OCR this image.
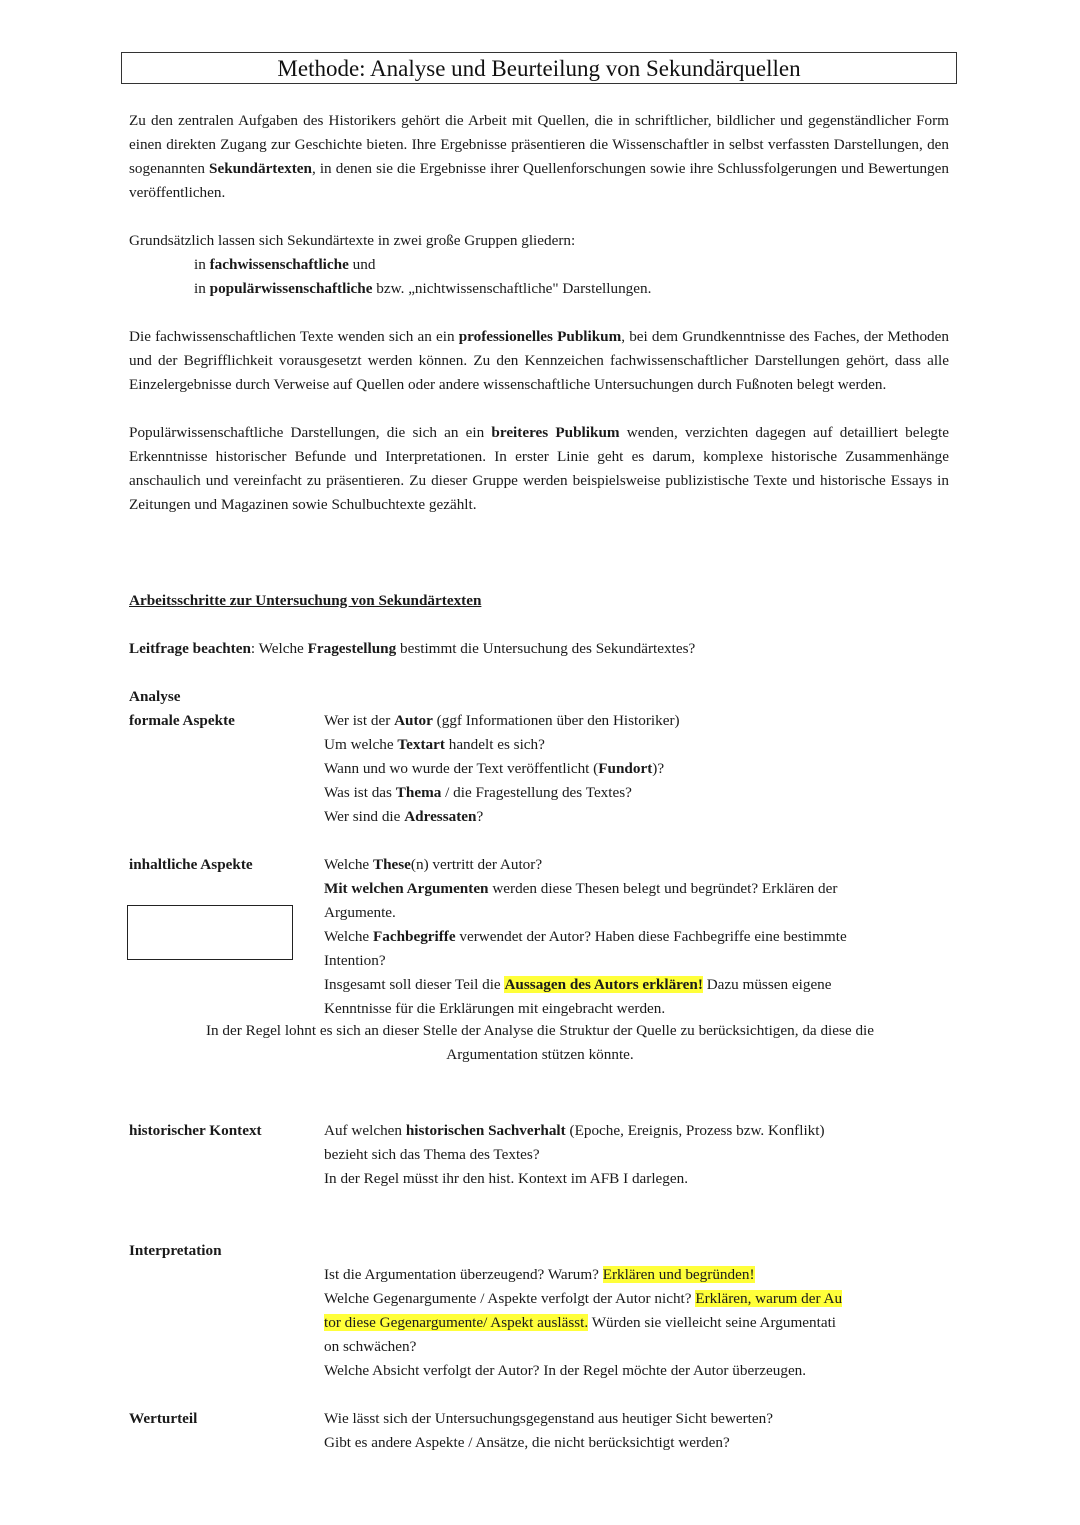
Methode: Analyse und Beurteilung von Sekundärquellen
Zu den zentralen Aufgaben des Historikers gehört die Arbeit mit Quellen, die in schriftlicher, bildlicher und gegenständlicher Form einen direkten Zugang zur Geschichte bieten. Ihre Ergebnisse präsentieren die Wissenschaftler in selbst verfassten Darstellungen, den sogenannten Sekundärtexten, in denen sie die Ergebnisse ihrer Quellenforschungen sowie ihre Schlussfolgerungen und Bewertungen veröffentlichen.
Grundsätzlich lassen sich Sekundärtexte in zwei große Gruppen gliedern:
in fachwissenschaftliche und
in populärwissenschaftliche bzw. „nichtwissenschaftliche" Darstellungen.
Die fachwissenschaftlichen Texte wenden sich an ein professionelles Publikum, bei dem Grundkenntnisse des Faches, der Methoden und der Begrifflichkeit vorausgesetzt werden können. Zu den Kennzeichen fachwissenschaftlicher Darstellungen gehört, dass alle Einzelergebnisse durch Verweise auf Quellen oder andere wissenschaftliche Untersuchungen durch Fußnoten belegt werden.
Populärwissenschaftliche Darstellungen, die sich an ein breiteres Publikum wenden, verzichten dagegen auf detailliert belegte Erkenntnisse historischer Befunde und Interpretationen. In erster Linie geht es darum, komplexe historische Zusammenhänge anschaulich und vereinfacht zu präsentieren. Zu dieser Gruppe werden beispielsweise publizistische Texte und historische Essays in Zeitungen und Magazinen sowie Schulbuchtexte gezählt.
Arbeitsschritte zur Untersuchung von Sekundärtexten
Leitfrage beachten: Welche Fragestellung bestimmt die Untersuchung des Sekundärtextes?
Analyse
formale Aspekte	Wer ist der Autor (ggf Informationen über den Historiker)
Um welche Textart handelt es sich?
Wann und wo wurde der Text veröffentlicht (Fundort)?
Was ist das Thema / die Fragestellung des Textes?
Wer sind die Adressaten?
inhaltliche Aspekte	Welche These(n) vertritt der Autor?
Mit welchen Argumenten werden diese Thesen belegt und begründet? Erklären der
Argumente.
Welche Fachbegriffe verwendet der Autor? Haben diese Fachbegriffe eine bestimmte
Intention?
Insgesamt soll dieser Teil die Aussagen des Autors erklären! Dazu müssen eigene
Kenntnisse für die Erklärungen mit eingebracht werden.
In der Regel lohnt es sich an dieser Stelle der Analyse die Struktur der Quelle zu berücksichtigen, da diese die
Argumentation stützen könnte.
historischer Kontext	Auf welchen historischen Sachverhalt (Epoche, Ereignis, Prozess bzw. Konflikt)
bezieht sich das Thema des Textes?
In der Regel müsst ihr den hist. Kontext im AFB I darlegen.
Interpretation
Ist die Argumentation überzeugend? Warum? Erklären und begründen!
Welche Gegenargumente / Aspekte verfolgt der Autor nicht? Erklären, warum der Au
tor diese Gegenargumente/ Aspekt auslässt. Würden sie vielleicht seine Argumentati
on schwächen?
Welche Absicht verfolgt der Autor? In der Regel möchte der Autor überzeugen.
Werturteil	Wie lässt sich der Untersuchungsgegenstand aus heutiger Sicht bewerten?
Gibt es andere Aspekte / Ansätze, die nicht berücksichtigt werden?
